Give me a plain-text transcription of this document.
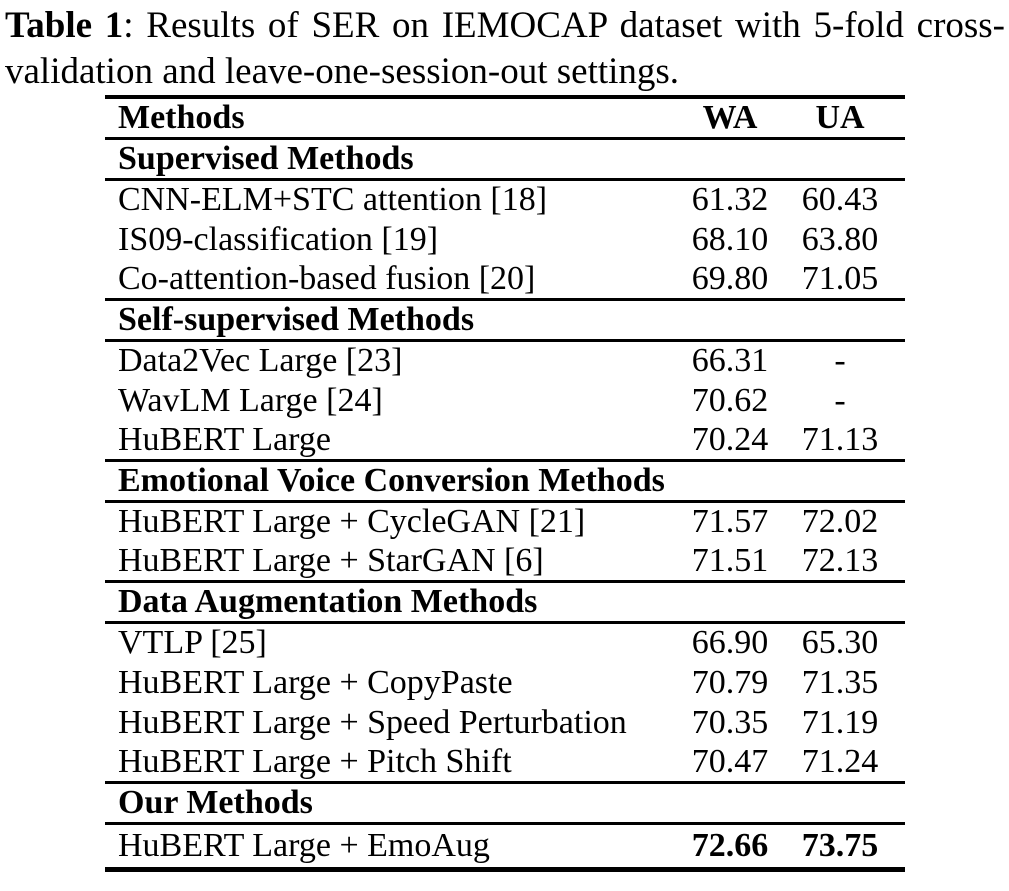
Table 1: Results of SER on IEMOCAP dataset with 5-fold cross-
validation and leave-one-session-out settings.
Methods	WA	UA
Supervised Methods		
CNN-ELM+STC attention [18]	61.32	60.43
IS09-classification [19]	68.10	63.80
Co-attention-based fusion [20]	69.80	71.05
Self-supervised Methods		
Data2Vec Large [23]	66.31	-
WavLM Large [24]	70.62	-
HuBERT Large	70.24	71.13
Emotional Voice Conversion Methods		
HuBERT Large + CycleGAN [21]	71.57	72.02
HuBERT Large + StarGAN [6]	71.51	72.13
Data Augmentation Methods		
VTLP [25]	66.90	65.30
HuBERT Large + CopyPaste	70.79	71.35
HuBERT Large + Speed Perturbation	70.35	71.19
HuBERT Large + Pitch Shift	70.47	71.24
Our Methods		
HuBERT Large + EmoAug	72.66	73.75
